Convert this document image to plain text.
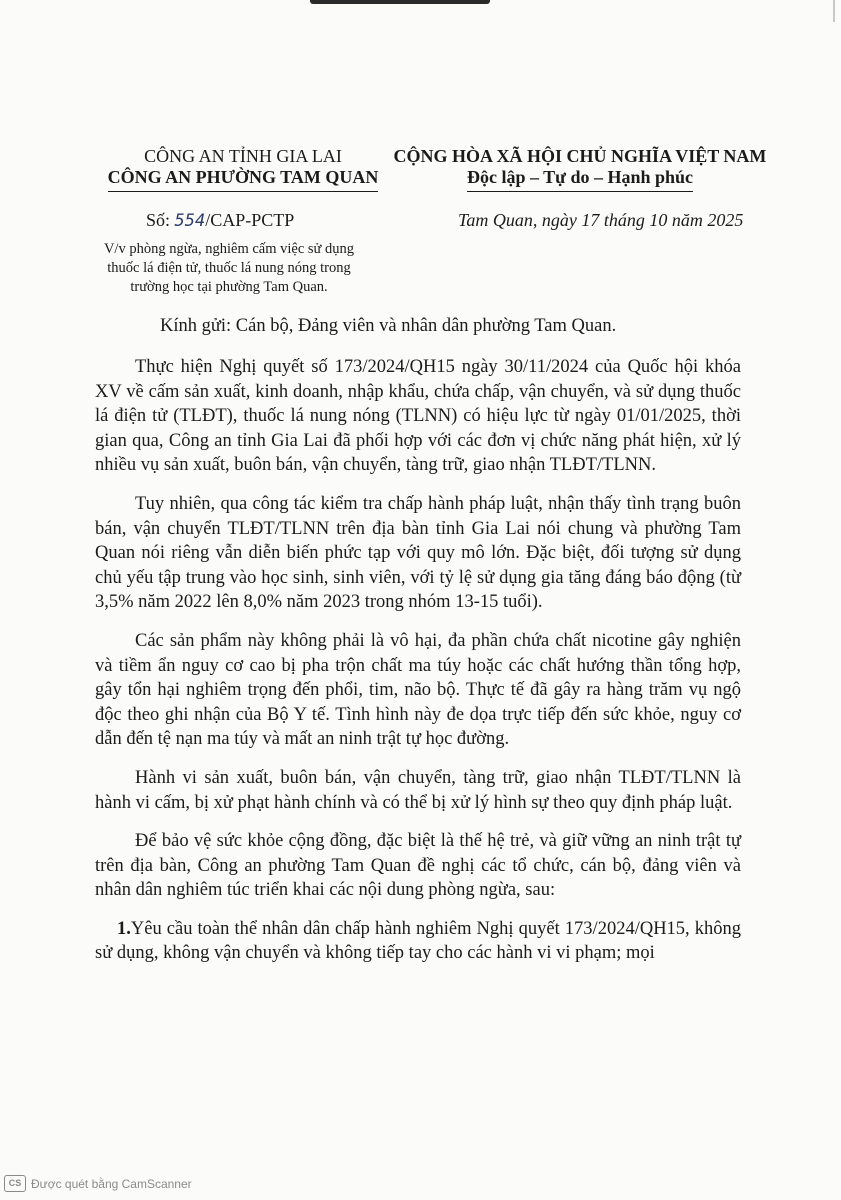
CÔNG AN TỈNH GIA LAI
CÔNG AN PHƯỜNG TAM QUAN
CỘNG HÒA XÃ HỘI CHỦ NGHĨA VIỆT NAM
Độc lập – Tự do – Hạnh phúc
Số: 554/CAP-PCTP	Tam Quan, ngày 17 tháng 10 năm 2025
V/v phòng ngừa, nghiêm cấm việc sử dụng
thuốc lá điện tử, thuốc lá nung nóng trong
trường học tại phường Tam Quan.
Kính gửi: Cán bộ, Đảng viên và nhân dân phường Tam Quan.

Thực hiện Nghị quyết số 173/2024/QH15 ngày 30/11/2024 của Quốc hội khóa XV về cấm sản xuất, kinh doanh, nhập khẩu, chứa chấp, vận chuyển, và sử dụng thuốc lá điện tử (TLĐT), thuốc lá nung nóng (TLNN) có hiệu lực từ ngày 01/01/2025, thời gian qua, Công an tỉnh Gia Lai đã phối hợp với các đơn vị chức năng phát hiện, xử lý nhiều vụ sản xuất, buôn bán, vận chuyển, tàng trữ, giao nhận TLĐT/TLNN.

Tuy nhiên, qua công tác kiểm tra chấp hành pháp luật, nhận thấy tình trạng buôn bán, vận chuyển TLĐT/TLNN trên địa bàn tỉnh Gia Lai nói chung và phường Tam Quan nói riêng vẫn diễn biến phức tạp với quy mô lớn. Đặc biệt, đối tượng sử dụng chủ yếu tập trung vào học sinh, sinh viên, với tỷ lệ sử dụng gia tăng đáng báo động (từ 3,5% năm 2022 lên 8,0% năm 2023 trong nhóm 13-15 tuổi).

Các sản phẩm này không phải là vô hại, đa phần chứa chất nicotine gây nghiện và tiềm ẩn nguy cơ cao bị pha trộn chất ma túy hoặc các chất hướng thần tổng hợp, gây tổn hại nghiêm trọng đến phổi, tim, não bộ. Thực tế đã gây ra hàng trăm vụ ngộ độc theo ghi nhận của Bộ Y tế. Tình hình này đe dọa trực tiếp đến sức khỏe, nguy cơ dẫn đến tệ nạn ma túy và mất an ninh trật tự học đường.

Hành vi sản xuất, buôn bán, vận chuyển, tàng trữ, giao nhận TLĐT/TLNN là hành vi cấm, bị xử phạt hành chính và có thể bị xử lý hình sự theo quy định pháp luật.

Để bảo vệ sức khỏe cộng đồng, đặc biệt là thế hệ trẻ, và giữ vững an ninh trật tự trên địa bàn, Công an phường Tam Quan đề nghị các tổ chức, cán bộ, đảng viên và nhân dân nghiêm túc triển khai các nội dung phòng ngừa, sau:

1.Yêu cầu toàn thể nhân dân chấp hành nghiêm Nghị quyết 173/2024/QH15, không sử dụng, không vận chuyển và không tiếp tay cho các hành vi vi phạm; mọi

CS Được quét bằng CamScanner
